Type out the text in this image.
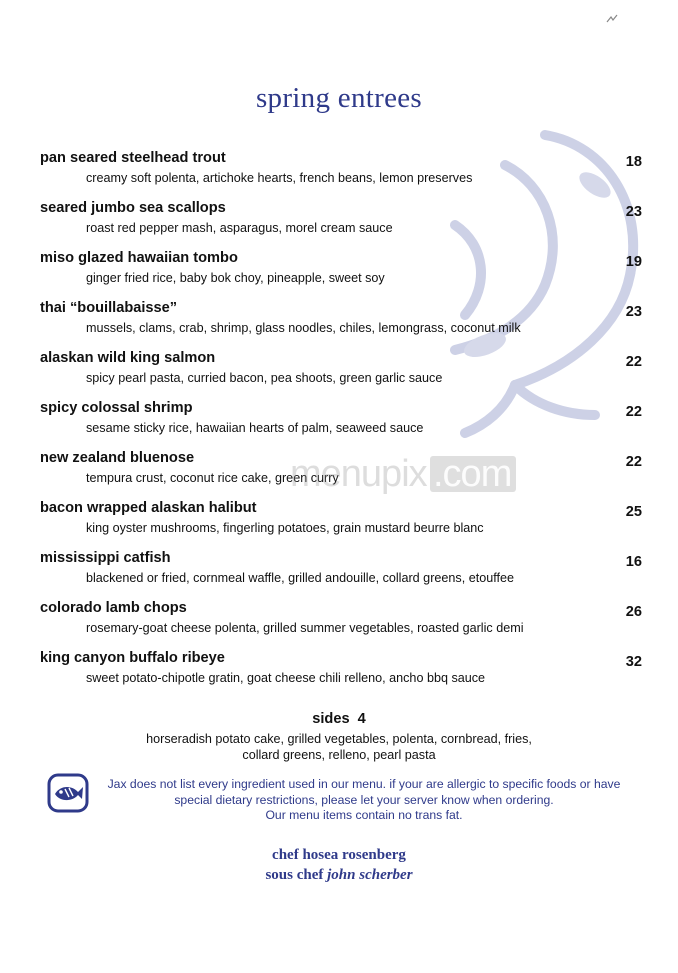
spring entrees
pan seared steelhead trout
creamy soft polenta, artichoke hearts, french beans, lemon preserves
18
seared jumbo sea scallops
roast red pepper mash, asparagus, morel cream sauce
23
miso glazed hawaiian tombo
ginger fried rice, baby bok choy, pineapple, sweet soy
19
thai “bouillabaisse”
mussels, clams, crab, shrimp, glass noodles, chiles, lemongrass, coconut milk
23
alaskan wild king salmon
spicy pearl pasta, curried bacon, pea shoots, green garlic sauce
22
spicy colossal shrimp
sesame sticky rice, hawaiian hearts of palm, seaweed sauce
22
new zealand bluenose
tempura crust, coconut rice cake, green curry
22
bacon wrapped alaskan halibut
king oyster mushrooms, fingerling potatoes, grain mustard beurre blanc
25
mississippi catfish
blackened or fried, cornmeal waffle, grilled andouille, collard greens, etouffee
16
colorado lamb chops
rosemary-goat cheese polenta, grilled summer vegetables, roasted garlic demi
26
king canyon buffalo ribeye
sweet potato-chipotle gratin, goat cheese chili relleno, ancho bbq sauce
32
sides 4
horseradish potato cake, grilled vegetables, polenta, cornbread, fries, collard greens, relleno, pearl pasta
Jax does not list every ingredient used in our menu. if your are allergic to specific foods or have special dietary restrictions, please let your server know when ordering.
Our menu items contain no trans fat.
chef hosea rosenberg
sous chef john scherber
menupix .com
